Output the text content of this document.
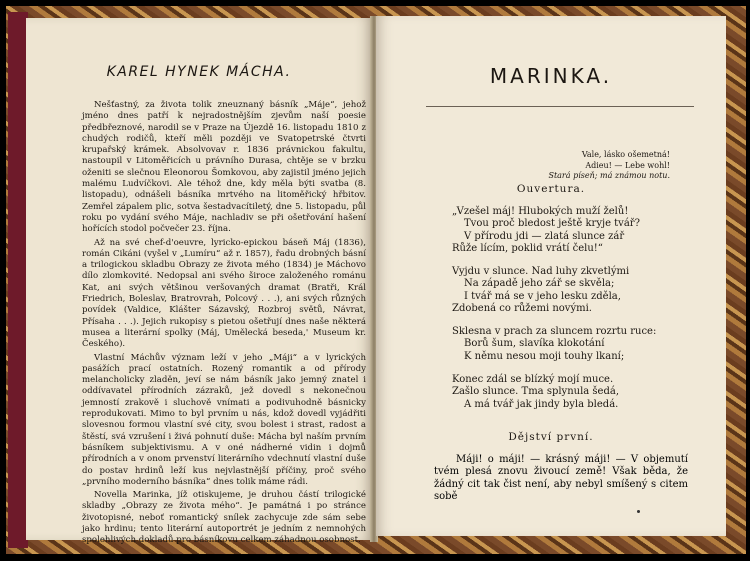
KAREL HYNEK MÁCHA.

Nešťastný, za života tolik zneuznaný básník „Máje“, jehož jméno dnes patří k nejradostnějším zjevům naší poesie předbřeznové, narodil se v Praze na Újezdě 16. listopadu 1810 z chudých rodičů, kteří měli později ve Svatopetrské čtvrti krupařský krámek. Absolvovav r. 1836 právnickou fakultu, nastoupil v Litoměřicích u právního Durasa, chtěje se v brzku oženiti se slečnou Eleonorou Šomkovou, aby zajistil jméno jejich malému Ludvíčkovi. Ale téhož dne, kdy měla býti svatba (8. listopadu), odnášeli básníka mrtvého na litoměřický hřbitov. Zemřel zápalem plic, sotva šestadvacítiletý, dne 5. listopadu, půl roku po vydání svého Máje, nachladiv se při ošetřování hašení hořících stodol počvečer 23. října.

Až na své chef-d'oeuvre, lyricko-epickou báseň Máj (1836), román Cikáni (vyšel v „Lumíru“ až r. 1857), řadu drobných básní a trilogickou skladbu Obrazy ze života mého (1834) je Máchovo dílo zlomkovité. Nedopsal ani svého široce založeného románu Kat, ani svých většinou veršovaných dramat (Bratři, Král Friedrich, Boleslav, Bratrovrah, Polcový . . .), ani svých různých povídek (Valdice, Klášter Sázavský, Rozbroj světů, Návrat, Přísaha . . .). Jejich rukopisy s pietou ošetřují dnes naše některá musea a literární spolky (Máj, Umělecká beseda,' Museum kr. Českého).

Vlastní Máchův význam leží v jeho „Máji“ a v lyrických pasážích prací ostatních. Rozený romantik a od přírody melancholicky zladěn, jeví se nám básník jako jemný znatel i oddívavatel přírodních zázraků, jež dovedl s nekonečnou jemností zrakově i sluchově vnímati a podivuhodně básnicky reprodukovati. Mimo to byl prvním u nás, kdož dovedl vyjádřiti slovesnou formou vlastní své city, svou bolest i strast, radost a štěstí, svá vzrušení i živá pohnutí duše: Mácha byl naším prvním básníkem subjektivismu. A v oné nádherné vidin i dojmů přírodních a v onom prvenství literárního vdechnutí vlastní duše do postav hrdinů leží kus nejvlastnější příčiny, proč svého „prvního moderního básníka“ dnes tolik máme rádi.

Novella Marinka, jíž otiskujeme, je druhou částí trilogické skladby „Obrazy ze života mého“. Je památná i po stránce životopisné, neboť romantický snílek zachycuje zde sám sebe jako hrdinu; tento literární autoportrét je jedním z nemnohých spolehlivých dokladů pro básníkovu celkem záhadnou osobnost.

MARINKA.
Vale, lásko ošemetná!
Adieu! — Lebe wohl!
Stará píseň; má známou notu.
Ouvertura.
„Vzešel máj! Hlubokých muží želů!
Tvou proč bledost ještě kryje tvář?
V přírodu jdi — zlatá slunce zář
Růže lícím, poklid vrátí čelu!“
Vyjdu v slunce. Nad luhy zkvetlými
Na západě jeho zář se skvěla;
I tvář má se v jeho lesku zděla,
Zdobená co růžemi novými.
Sklesna v prach za sluncem rozrtu ruce:
Borů šum, slavíka klokotání
K němu nesou moji touhy lkaní;
Konec zdál se blízký mojí muce.
Zašlo slunce. Tma splynula šedá,
A má tvář jak jindy byla bledá.
Dějství první.

Máji! o máji! — krásný máji! — V objemutí tvém plesá znovu živoucí země! Však běda, že žádný cit tak čist není, aby nebyl smíšený s citem sobě
